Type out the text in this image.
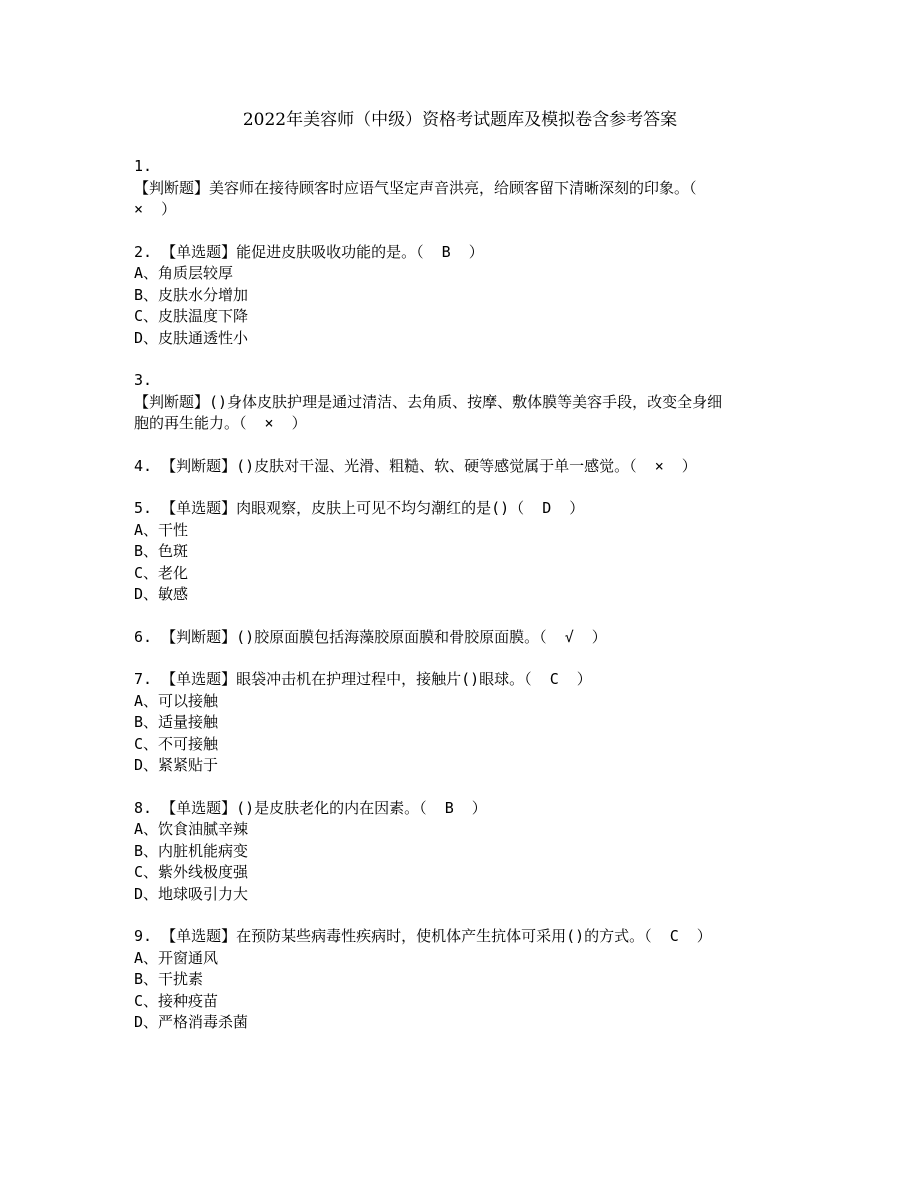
2022年美容师（中级）资格考试题库及模拟卷含参考答案
1.
【判断题】美容师在接待顾客时应语气坚定声音洪亮，给顾客留下清晰深刻的印象。（
×  ）
2. 【单选题】能促进皮肤吸收功能的是。（  B  ）
A、角质层较厚
B、皮肤水分增加
C、皮肤温度下降
D、皮肤通透性小
3.
【判断题】()身体皮肤护理是通过清洁、去角质、按摩、敷体膜等美容手段，改变全身细
胞的再生能力。（  ×  ）
4. 【判断题】()皮肤对干湿、光滑、粗糙、软、硬等感觉属于单一感觉。（  ×  ）
5. 【单选题】肉眼观察，皮肤上可见不均匀潮红的是()（  D  ）
A、干性
B、色斑
C、老化
D、敏感
6. 【判断题】()胶原面膜包括海藻胶原面膜和骨胶原面膜。（  √  ）
7. 【单选题】眼袋冲击机在护理过程中，接触片()眼球。（  C  ）
A、可以接触
B、适量接触
C、不可接触
D、紧紧贴于
8. 【单选题】()是皮肤老化的内在因素。（  B  ）
A、饮食油腻辛辣
B、内脏机能病变
C、紫外线极度强
D、地球吸引力大
9. 【单选题】在预防某些病毒性疾病时，使机体产生抗体可采用()的方式。（  C  ）
A、开窗通风
B、干扰素
C、接种疫苗
D、严格消毒杀菌
